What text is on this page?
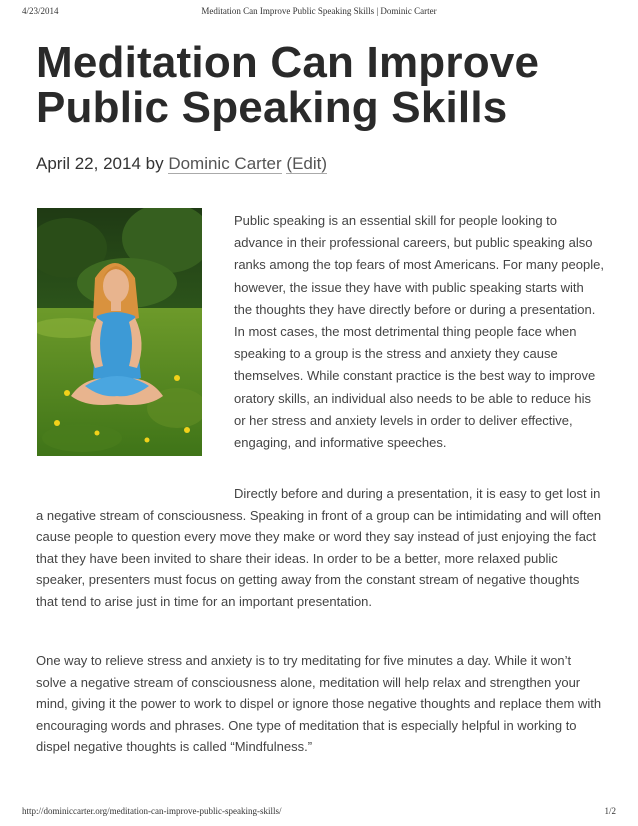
4/23/2014	Meditation Can Improve Public Speaking Skills | Dominic Carter
Meditation Can Improve
Public Speaking Skills
April 22, 2014 by Dominic Carter (Edit)

Public speaking is an essential skill for people looking to advance in their professional careers, but public speaking also ranks among the top fears of most Americans. For many people, however, the issue they have with public speaking starts with the thoughts they have directly before or during a presentation. In most cases, the most detrimental thing people face when speaking to a group is the stress and anxiety they cause themselves. While constant practice is the best way to improve oratory skills, an individual also needs to be able to reduce his or her stress and anxiety levels in order to deliver effective, engaging, and informative speeches.

Directly before and during a presentation, it is easy to get lost in a negative stream of consciousness. Speaking in front of a group can be intimidating and will often cause people to question every move they make or word they say instead of just enjoying the fact that they have been invited to share their ideas. In order to be a better, more relaxed public speaker, presenters must focus on getting away from the constant stream of negative thoughts that tend to arise just in time for an important presentation.

One way to relieve stress and anxiety is to try meditating for five minutes a day. While it won’t solve a negative stream of consciousness alone, meditation will help relax and strengthen your mind, giving it the power to work to dispel or ignore those negative thoughts and replace them with encouraging words and phrases. One type of meditation that is especially helpful in working to dispel negative thoughts is called “Mindfulness.”

http://dominiccarter.org/meditation-can-improve-public-speaking-skills/	1/2
